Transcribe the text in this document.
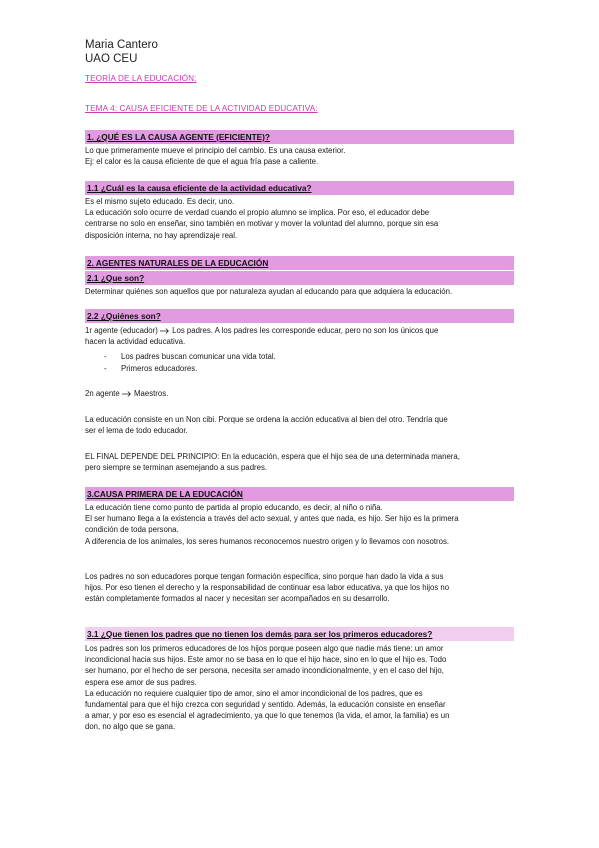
Maria Cantero
UAO CEU
TEORÍA DE LA EDUCACIÓN:
TEMA 4: CAUSA EFICIENTE DE LA ACTIVIDAD EDUCATIVA:
1. ¿QUÉ ES LA CAUSA AGENTE (EFICIENTE)?
Lo que primeramente mueve el principio del cambio. Es una causa exterior.
Ej: el calor es la causa eficiente de que el agua fría pase a caliente.
1.1 ¿Cuál es la causa eficiente de la actividad educativa?
Es el mismo sujeto educado. Es decir, uno.
La educación solo ocurre de verdad cuando el propio alumno se implica. Por eso, el educador debe
centrarse no solo en enseñar, sino también en motivar y mover la voluntad del alumno, porque sin esa
disposición interna, no hay aprendizaje real.
2. AGENTES NATURALES DE LA EDUCACIÓN
2.1 ¿Que son?
Determinar quiénes son aquellos que por naturaleza ayudan al educando para que adquiera la educación.
2.2 ¿Quiénes son?
1r agente (educador) Los padres. A los padres les corresponde educar, pero no son los únicos que
hacen la actividad educativa.
- Los padres buscan comunicar una vida total.
- Primeros educadores.
2n agente Maestros.
La educación consiste en un Non cibi. Porque se ordena la acción educativa al bien del otro. Tendría que
ser el lema de todo educador.
EL FINAL DEPENDE DEL PRINCIPIO: En la educación, espera que el hijo sea de una determinada manera,
pero siempre se terminan asemejando a sus padres.
3.CAUSA PRIMERA DE LA EDUCACIÓN
La educación tiene como punto de partida al propio educando, es decir, al niño o niña.
El ser humano llega a la existencia a través del acto sexual, y antes que nada, es hijo. Ser hijo es la primera
condición de toda persona.
A diferencia de los animales, los seres humanos reconocemos nuestro origen y lo llevamos con nosotros.
Los padres no son educadores porque tengan formación específica, sino porque han dado la vida a sus
hijos. Por eso tienen el derecho y la responsabilidad de continuar esa labor educativa, ya que los hijos no
están completamente formados al nacer y necesitan ser acompañados en su desarrollo.
3.1 ¿Que tienen los padres que no tienen los demás para ser los primeros educadores?
Los padres son los primeros educadores de los hijos porque poseen algo que nadie más tiene: un amor
incondicional hacia sus hijos. Este amor no se basa en lo que el hijo hace, sino en lo que el hijo es. Todo
ser humano, por el hecho de ser persona, necesita ser amado incondicionalmente, y en el caso del hijo,
espera ese amor de sus padres.
La educación no requiere cualquier tipo de amor, sino el amor incondicional de los padres, que es
fundamental para que el hijo crezca con seguridad y sentido. Además, la educación consiste en enseñar
a amar, y por eso es esencial el agradecimiento, ya que lo que tenemos (la vida, el amor, la familia) es un
don, no algo que se gana.
